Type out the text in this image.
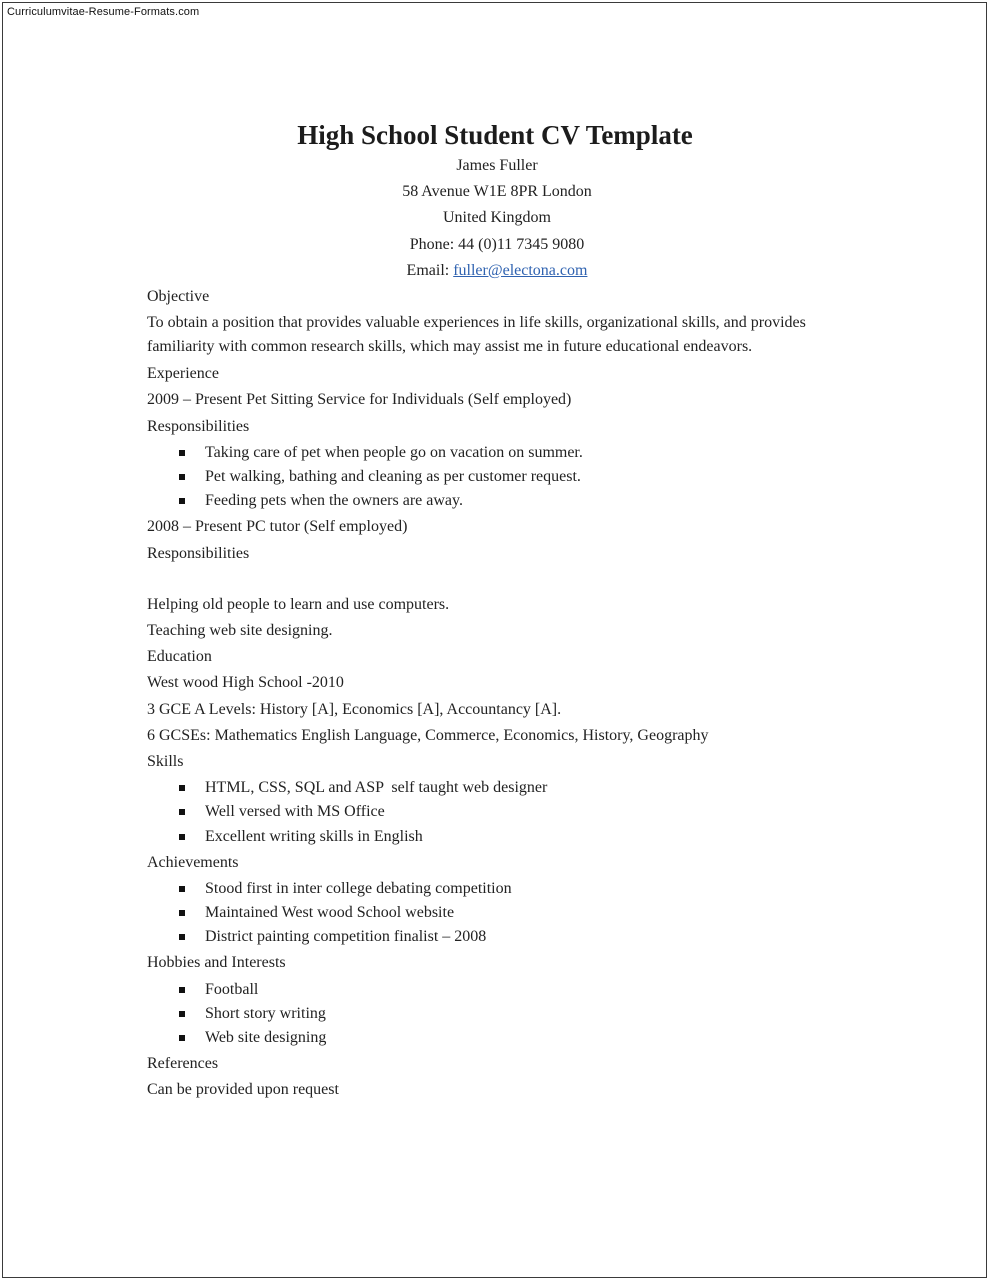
Curriculumvitae-Resume-Formats.com
High School Student CV Template
James Fuller
58 Avenue W1E 8PR London
United Kingdom
Phone: 44 (0)11 7345 9080
Email: fuller@electona.com
Objective
To obtain a position that provides valuable experiences in life skills, organizational skills, and provides familiarity with common research skills, which may assist me in future educational endeavors.
Experience
2009 – Present Pet Sitting Service for Individuals (Self employed)
Responsibilities
Taking care of pet when people go on vacation on summer.
Pet walking, bathing and cleaning as per customer request.
Feeding pets when the owners are away.
2008 – Present PC tutor (Self employed)
Responsibilities
Helping old people to learn and use computers.
Teaching web site designing.
Education
West wood High School -2010
3 GCE A Levels: History [A], Economics [A], Accountancy [A].
6 GCSEs: Mathematics English Language, Commerce, Economics, History, Geography
Skills
HTML, CSS, SQL and ASP  self taught web designer
Well versed with MS Office
Excellent writing skills in English
Achievements
Stood first in inter college debating competition
Maintained West wood School website
District painting competition finalist – 2008
Hobbies and Interests
Football
Short story writing
Web site designing
References
Can be provided upon request
